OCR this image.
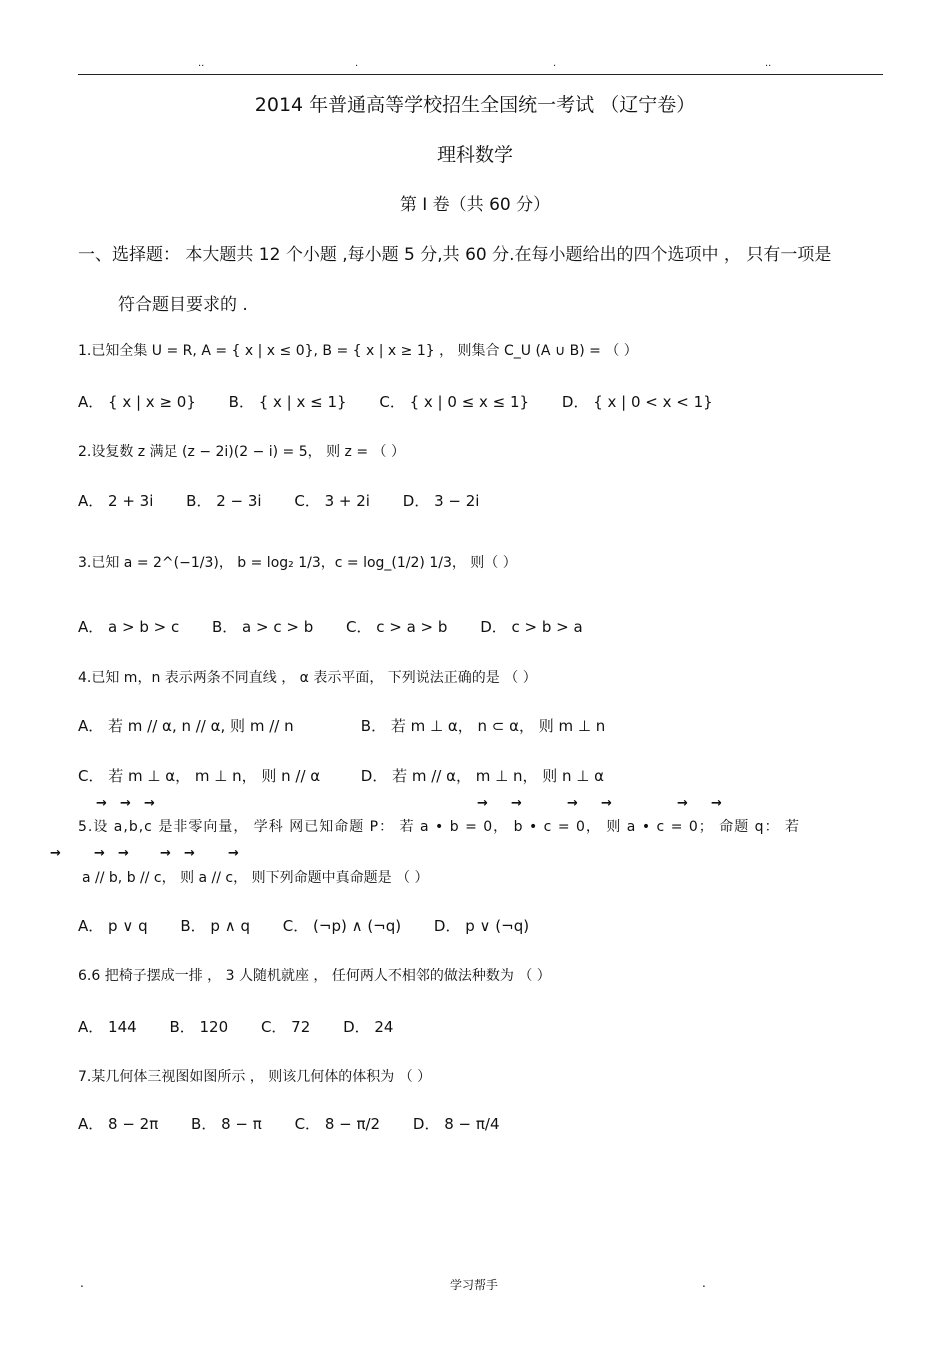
..	.	.	..
2014 年普通高等学校招生全国统一考试 （辽宁卷）
理科数学
第 I 卷（共 60 分）
一、选择题： 本大题共 12 个小题 ,每小题 5 分,共 60 分.在每小题给出的四个选项中 ， 只有一项是
符合题目要求的 .
1.已知全集 U = R, A = { x | x ≤ 0}, B = { x | x ≥ 1} ， 则集合 C_U (A ∪ B) = （ ）
A． { x | x ≥ 0} B． { x | x ≤ 1} C． { x | 0 ≤ x ≤ 1} D． { x | 0 < x < 1}
2.设复数 z 满足 (z − 2i)(2 − i) = 5， 则 z = （ ）
A． 2 + 3i B． 2 − 3i C． 3 + 2i D． 3 − 2i
3.已知 a = 2^(−1/3)， b = log₂ 1/3，c = log_(1/2) 1/3， 则（ ）
A． a > b > c B． a > c > b C． c > a > b D． c > b > a
4.已知 m，n 表示两条不同直线 ， α 表示平面， 下列说法正确的是 （ ）
A． 若 m // α, n // α, 则 m // n	B． 若 m ⊥ α， n ⊂ α， 则 m ⊥ n
C． 若 m ⊥ α， m ⊥ n， 则 n // α	D． 若 m // α， m ⊥ n， 则 n ⊥ α
→ → →	→ →	→ →	→ →
5.设 a,b,c 是非零向量， 学科 网已知命题 P： 若 a • b = 0， b • c = 0， 则 a • c = 0； 命题 q： 若
→	→ → → →	→
a // b, b // c， 则 a // c， 则下列命题中真命题是 （ ）
A． p ∨ q B． p ∧ q C． (¬p) ∧ (¬q) D． p ∨ (¬q)
6.6 把椅子摆成一排 ， 3 人随机就座 ， 任何两人不相邻的做法种数为 （ ）
A． 144 B． 120 C． 72 D． 24
7.某几何体三视图如图所示 ， 则该几何体的体积为 （ ）
A． 8 − 2π B． 8 − π C． 8 − π/2 D． 8 − π/4
.	学习帮手	.
